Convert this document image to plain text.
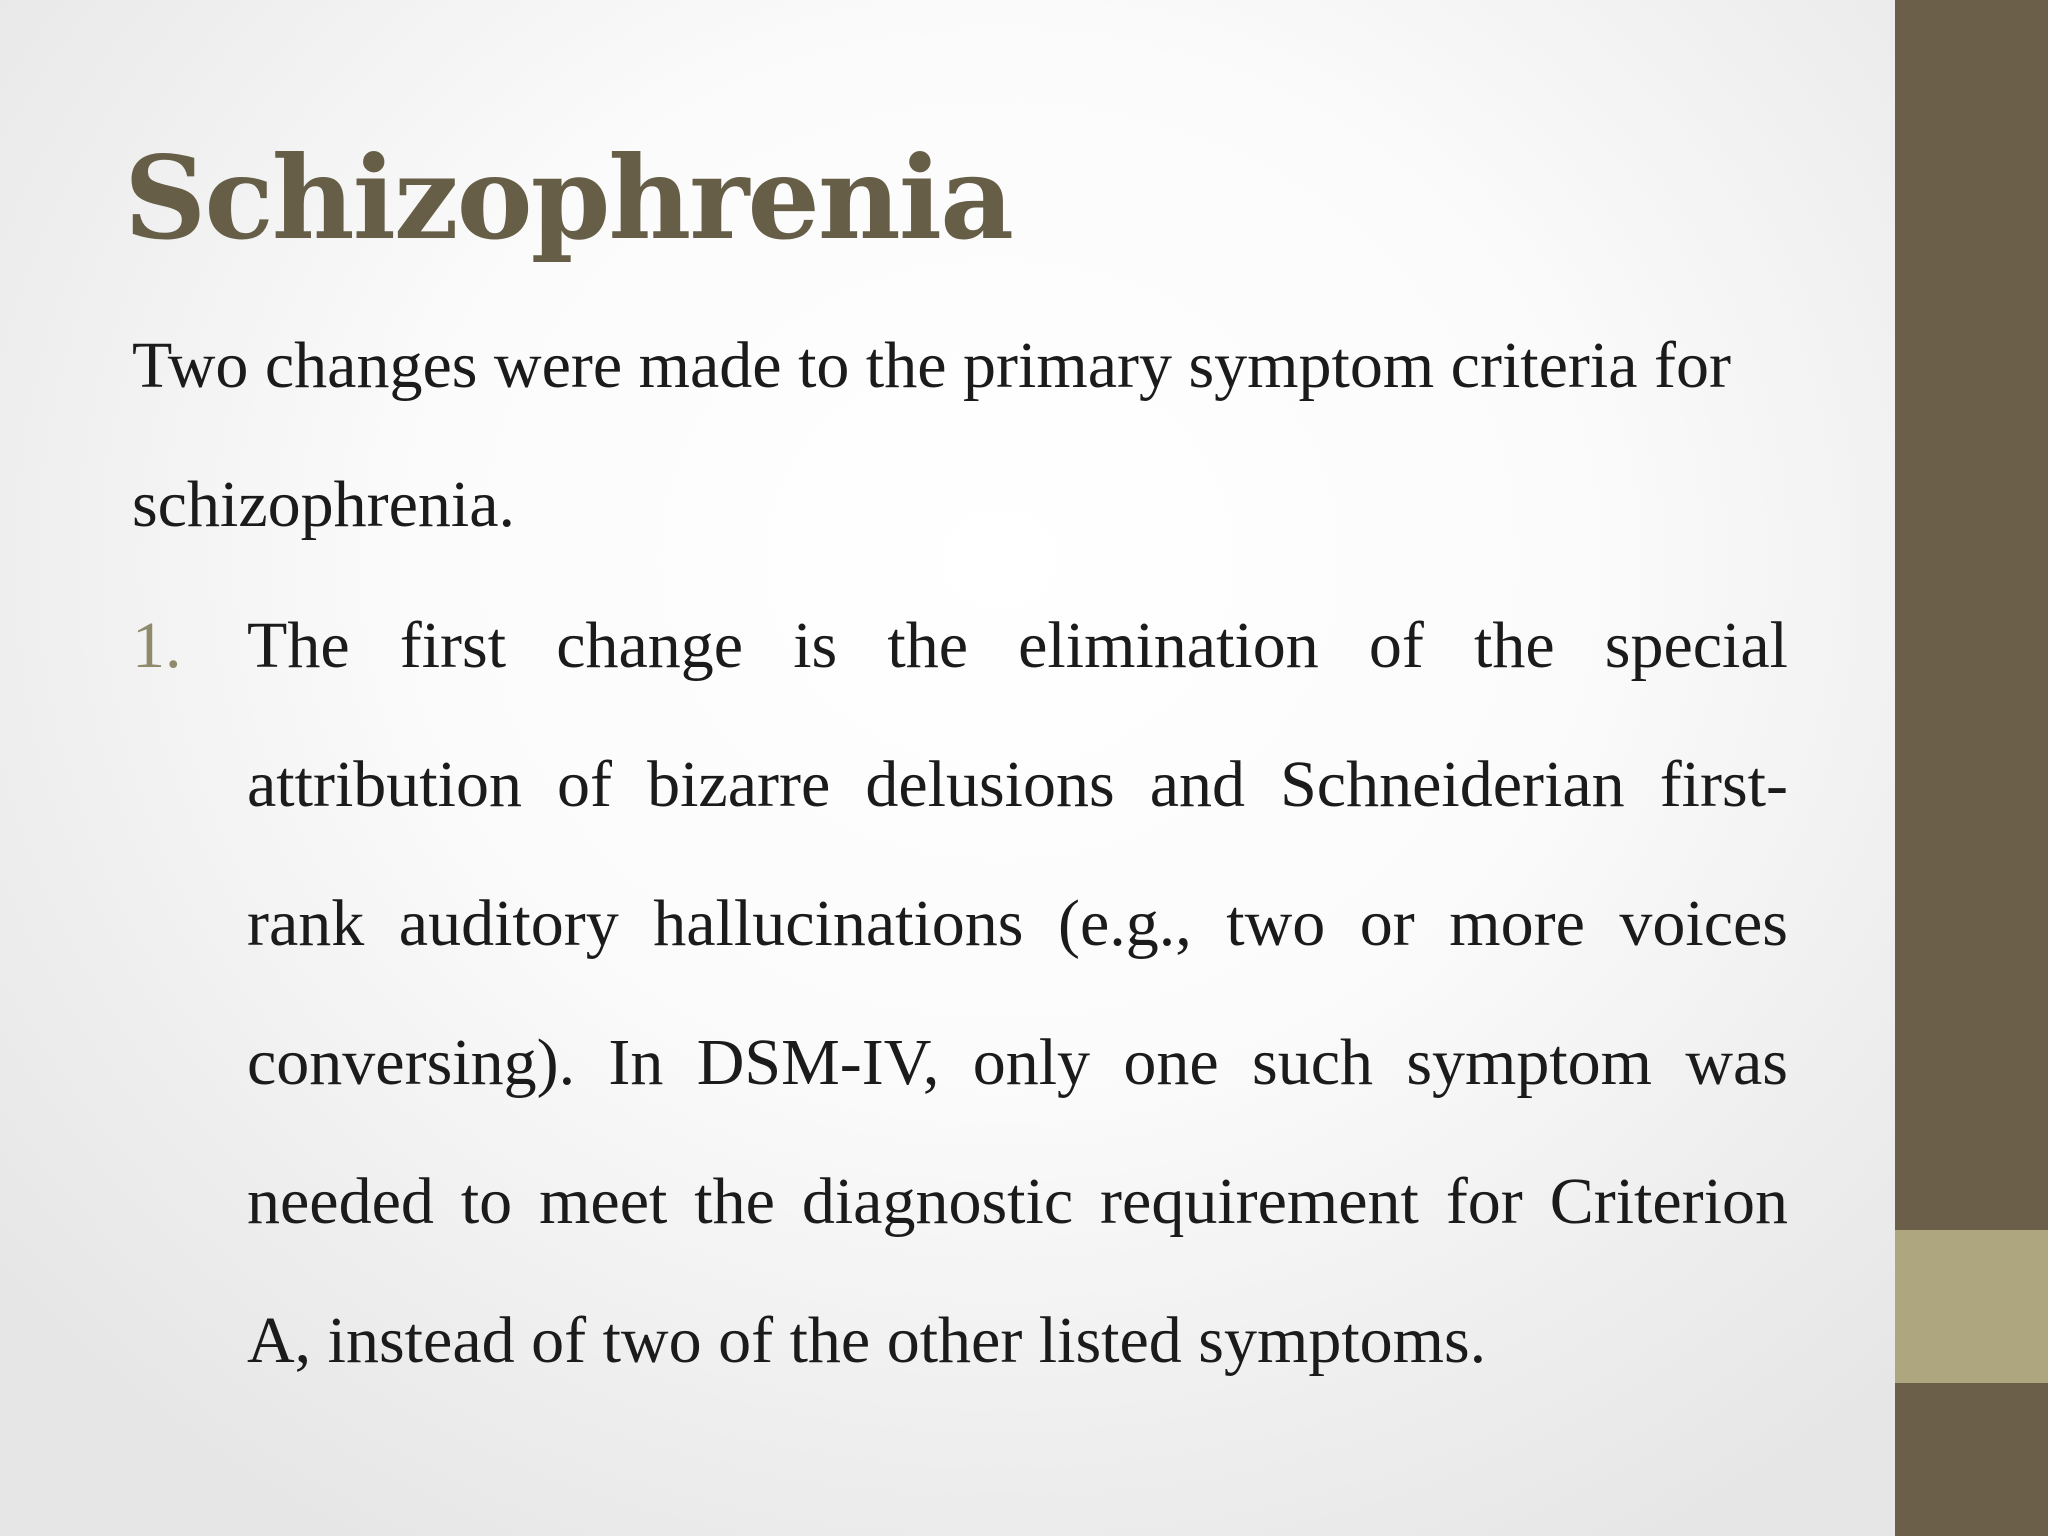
Schizophrenia

Two changes were made to the primary symptom criteria for schizophrenia.

1. The first change is the elimination of the special attribution of bizarre delusions and Schneiderian first-rank auditory hallucinations (e.g., two or more voices conversing). In DSM-IV, only one such symptom was needed to meet the diagnostic requirement for Criterion A, instead of two of the other listed symptoms.
